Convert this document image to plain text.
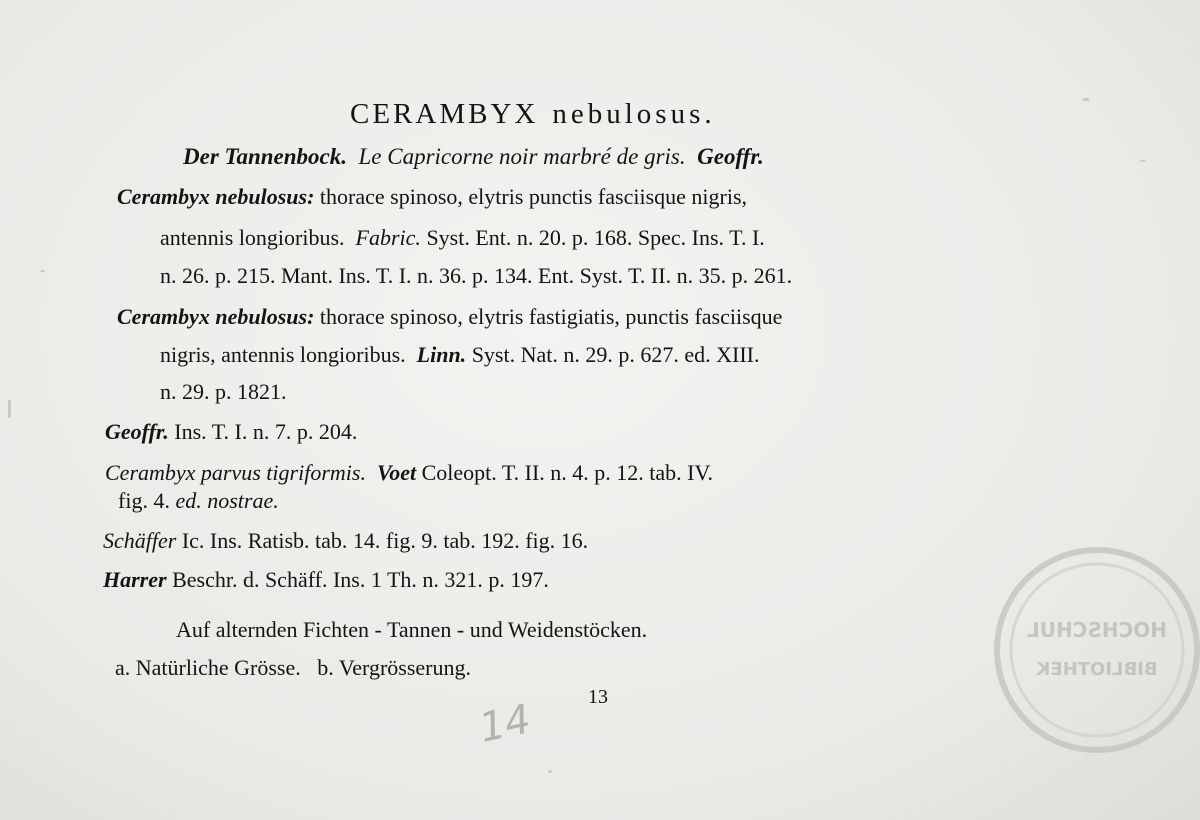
CERAMBYX nebulosus.
Der Tannenbock. Le Capricorne noir marbré de gris. Geoffr.
Cerambyx nebulosus: thorace spinoso, elytris punctis fasciisque nigris,
antennis longioribus. Fabric. Syst. Ent. n. 20. p. 168. Spec. Ins. T. I.
n. 26. p. 215. Mant. Ins. T. I. n. 36. p. 134. Ent. Syst. T. II. n. 35. p. 261.
Cerambyx nebulosus: thorace spinoso, elytris fastigiatis, punctis fasciisque
nigris, antennis longioribus. Linn. Syst. Nat. n. 29. p. 627. ed. XIII.
n. 29. p. 1821.
Geoffr. Ins. T. I. n. 7. p. 204.
Cerambyx parvus tigriformis. Voet Coleopt. T. II. n. 4. p. 12. tab. IV.
fig. 4. ed. nostrae.
Schäffer Ic. Ins. Ratisb. tab. 14. fig. 9. tab. 192. fig. 16.
Harrer Beschr. d. Schäff. Ins. 1 Th. n. 321. p. 197.
Auf alternden Fichten - Tannen - und Weidenstöcken.
a. Natürliche Grösse. b. Vergrösserung.
13
14
HOCHSCHUL
BIBLIOTHEK
